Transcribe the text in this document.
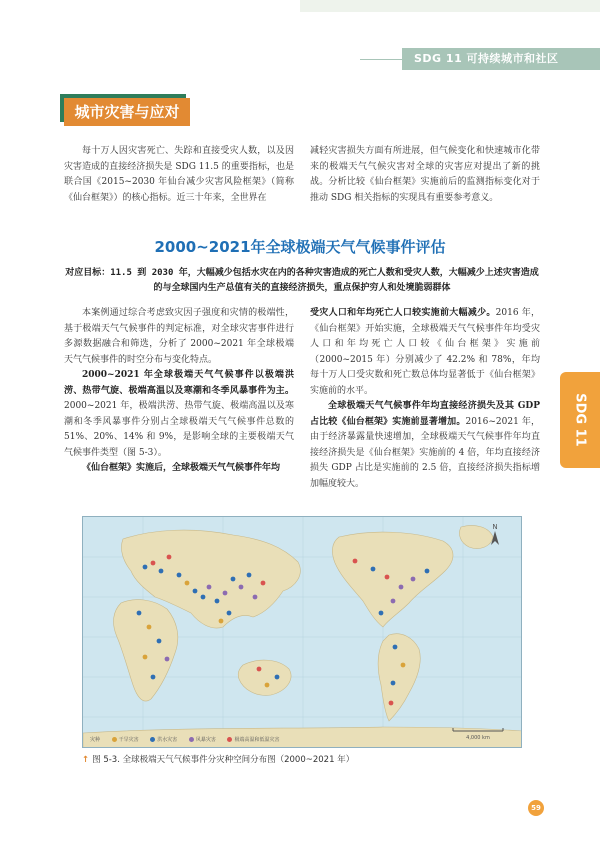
SDG 11 可持续城市和社区
城市灾害与应对
每十万人因灾害死亡、失踪和直接受灾人数，以及因灾害造成的直接经济损失是 SDG 11.5 的重要指标，也是联合国《2015~2030 年仙台减少灾害风险框架》（简称《仙台框架》）的核心指标。近三十年来，全世界在
减轻灾害损失方面有所进展，但气候变化和快速城市化带来的极端天气气候灾害对全球的灾害应对提出了新的挑战。分析比较《仙台框架》实施前后的监测指标变化对于推动 SDG 相关指标的实现具有重要参考意义。
2000~2021年全球极端天气气候事件评估
对应目标：11.5 到 2030 年，大幅减少包括水灾在内的各种灾害造成的死亡人数和受灾人数，大幅减少上述灾害造成的与全球国内生产总值有关的直接经济损失，重点保护穷人和处境脆弱群体

本案例通过综合考虑致灾因子强度和灾情的极端性，基于极端天气气候事件的判定标准，对全球灾害事件进行多源数据融合和筛选，分析了 2000~2021 年全球极端天气气候事件的时空分布与变化特点。

2000~2021 年全球极端天气气候事件以极端洪涝、热带气旋、极端高温以及寒潮和冬季风暴事件为主。2000~2021 年，极端洪涝、热带气旋、极端高温以及寒潮和冬季风暴事件分别占全球极端天气气候事件总数的 51%、20%、14% 和 9%，是影响全球的主要极端天气气候事件类型（图 5-3）。

《仙台框架》实施后，全球极端天气气候事件年均

受灾人口和年均死亡人口较实施前大幅减少。2016 年，《仙台框架》开始实施，全球极端天气气候事件年均受灾人口和年均死亡人口较《仙台框架》实施前（2000~2015 年）分别减少了 42.2% 和 78%，年均每十万人口受灾数和死亡数总体均显著低于《仙台框架》实施前的水平。

全球极端天气气候事件年均直接经济损失及其 GDP 占比较《仙台框架》实施前显著增加。2016~2021 年，由于经济暴露量快速增加，全球极端天气气候事件年均直接经济损失是《仙台框架》实施前的 4 倍，年均直接经济损失 GDP 占比是实施前的 2.5 倍，直接经济损失指标增加幅度较大。

SDG 11
N
4,000 km
灾种	干旱灾害	洪水灾害	风暴灾害	极端高温和低温灾害
↑ 图 5-3. 全球极端天气气候事件分灾种空间分布图（2000~2021 年）
59
